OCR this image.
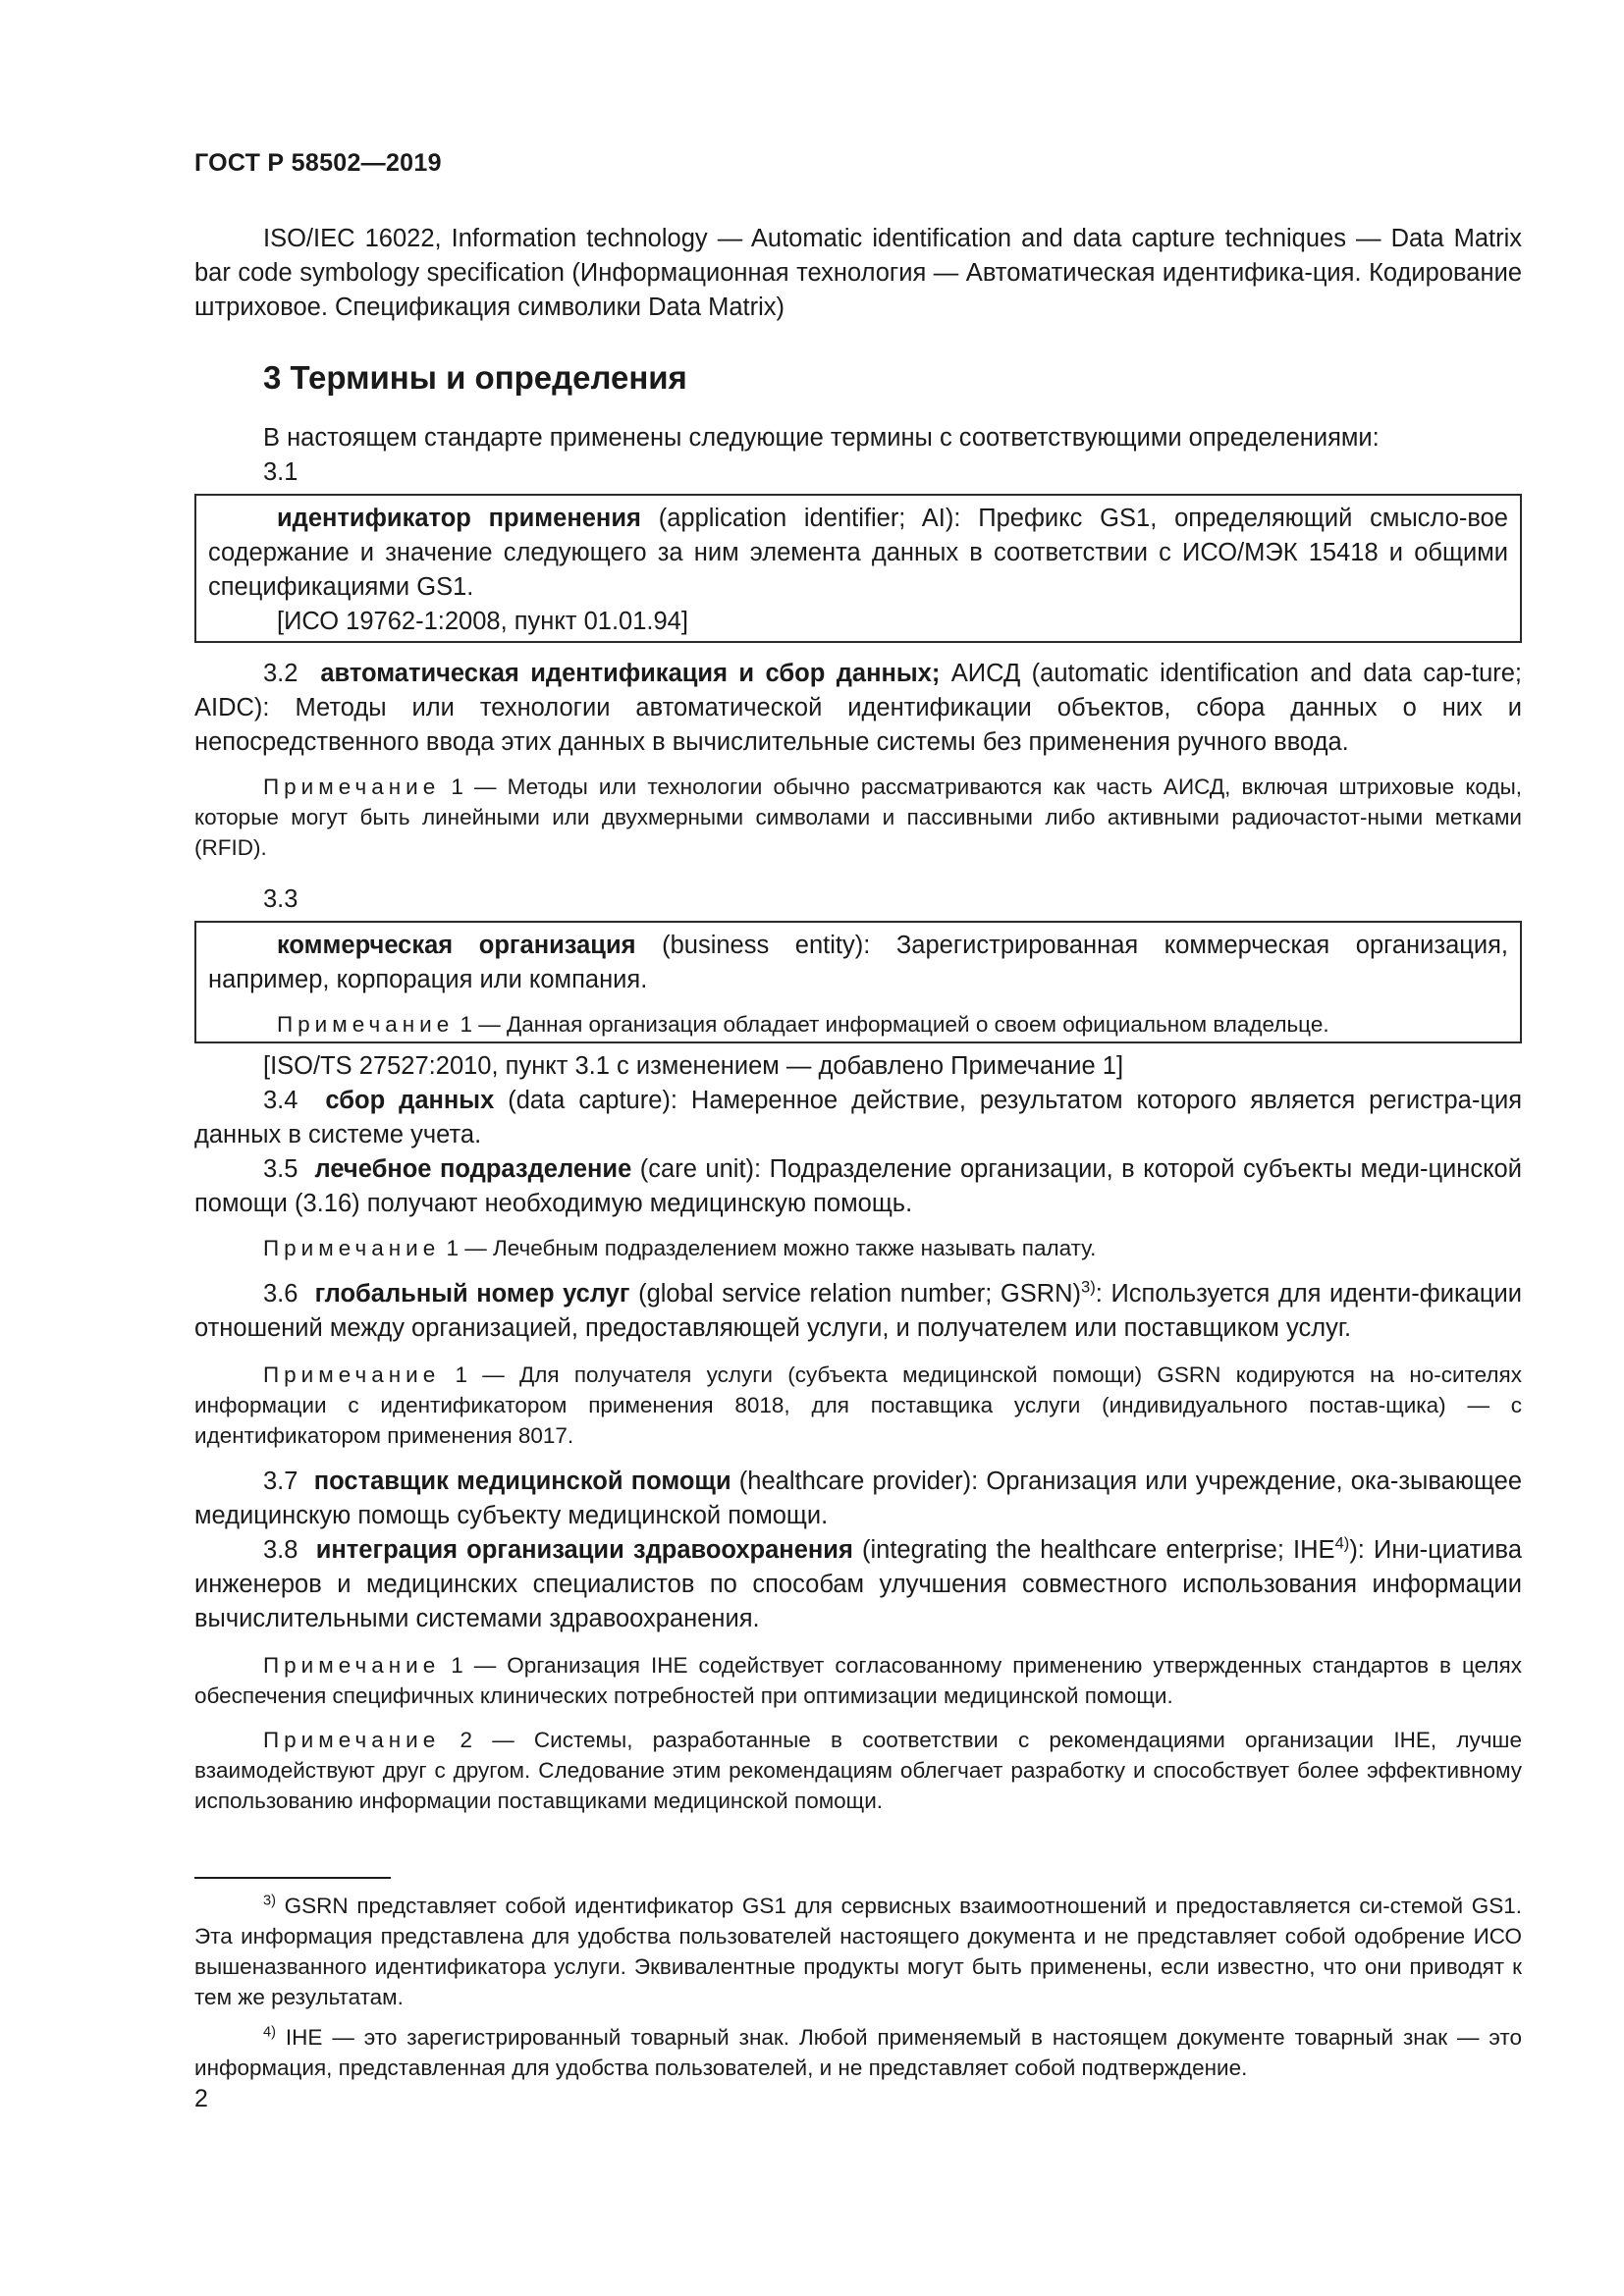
ГОСТ Р 58502—2019

ISO/IEC 16022, Information technology — Automatic identification and data capture techniques — Data Matrix bar code symbology specification (Информационная технология — Автоматическая идентифика-ция. Кодирование штриховое. Спецификация символики Data Matrix)

3 Термины и определения

В настоящем стандарте применены следующие термины с соответствующими определениями:

3.1

идентификатор применения (application identifier; AI): Префикс GS1, определяющий смысло-вое содержание и значение следующего за ним элемента данных в соответствии с ИСО/МЭК 15418 и общими спецификациями GS1.

[ИСО 19762-1:2008, пункт 01.01.94]

3.2 автоматическая идентификация и сбор данных; АИСД (automatic identification and data cap-ture; AIDC): Методы или технологии автоматической идентификации объектов, сбора данных о них и непосредственного ввода этих данных в вычислительные системы без применения ручного ввода.

Примечание 1 — Методы или технологии обычно рассматриваются как часть АИСД, включая штриховые коды, которые могут быть линейными или двухмерными символами и пассивными либо активными радиочастот-ными метками (RFID).

3.3

коммерческая организация (business entity): Зарегистрированная коммерческая организация, например, корпорация или компания.

Примечание 1 — Данная организация обладает информацией о своем официальном владельце.

[ISO/TS 27527:2010, пункт 3.1 с изменением — добавлено Примечание 1]

3.4 сбор данных (data capture): Намеренное действие, результатом которого является регистра-ция данных в системе учета.

3.5 лечебное подразделение (care unit): Подразделение организации, в которой субъекты меди-цинской помощи (3.16) получают необходимую медицинскую помощь.

Примечание 1 — Лечебным подразделением можно также называть палату.

3.6 глобальный номер услуг (global service relation number; GSRN)$^{3)}$: Используется для иденти-фикации отношений между организацией, предоставляющей услуги, и получателем или поставщиком услуг.

Примечание 1 — Для получателя услуги (субъекта медицинской помощи) GSRN кодируются на но-сителях информации с идентификатором применения 8018, для поставщика услуги (индивидуального постав-щика) — с идентификатором применения 8017.

3.7 поставщик медицинской помощи (healthcare provider): Организация или учреждение, ока-зывающее медицинскую помощь субъекту медицинской помощи.

3.8 интеграция организации здравоохранения (integrating the healthcare enterprise; IHE$^{4)}$): Ини-циатива инженеров и медицинских специалистов по способам улучшения совместного использования информации вычислительными системами здравоохранения.

Примечание 1 — Организация IHE содействует согласованному применению утвержденных стандартов в целях обеспечения специфичных клинических потребностей при оптимизации медицинской помощи.

Примечание 2 — Системы, разработанные в соответствии с рекомендациями организации IHE, лучше взаимодействуют друг с другом. Следование этим рекомендациям облегчает разработку и способствует более эффективному использованию информации поставщиками медицинской помощи.

$^{3)}$ GSRN представляет собой идентификатор GS1 для сервисных взаимоотношений и предоставляется си-стемой GS1. Эта информация представлена для удобства пользователей настоящего документа и не представляет собой одобрение ИСО вышеназванного идентификатора услуги. Эквивалентные продукты могут быть применены, если известно, что они приводят к тем же результатам.

$^{4)}$ IHE — это зарегистрированный товарный знак. Любой применяемый в настоящем документе товарный знак — это информация, представленная для удобства пользователей, и не представляет собой подтверждение.

2
